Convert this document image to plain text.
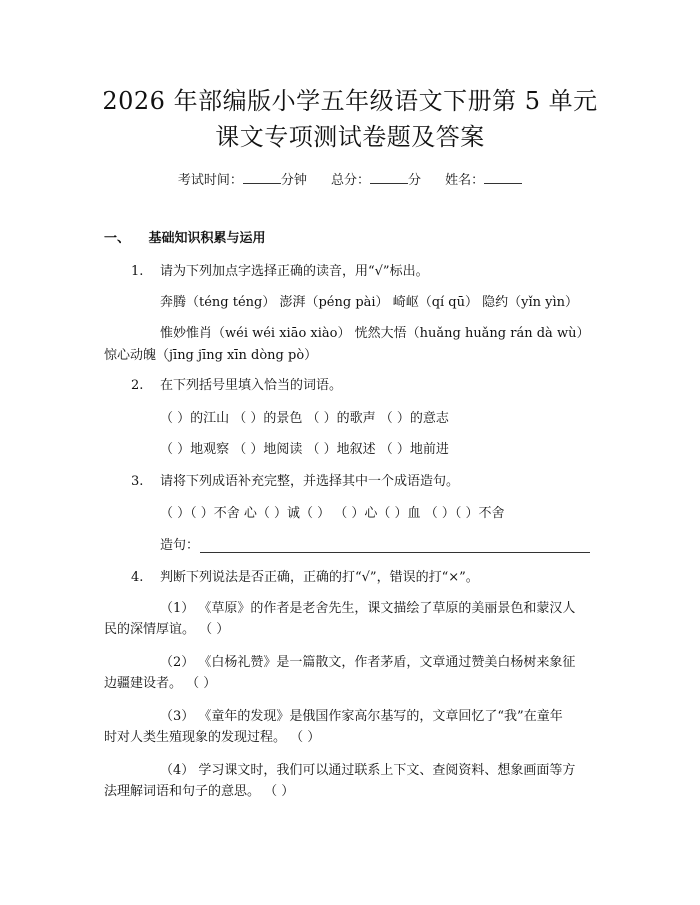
2026 年部编版小学五年级语文下册第 5 单元
课文专项测试卷题及答案
考试时间：	分钟 总分：	分 姓名：
一、 基础知识积累与运用
1. 请为下列加点字选择正确的读音，用“√”标出。
奔腾（téng téng） 澎湃（péng pài） 崎岖（qí qū） 隐约（yǐn yìn）
惟妙惟肖（wéi wéi xiāo xiào） 恍然大悟（huǎng huǎng rán dà wù）
惊心动魄（jīng jīng xīn dòng pò）
2. 在下列括号里填入恰当的词语。
（ ）的江山 （ ）的景色 （ ）的歌声 （ ）的意志
（ ）地观察 （ ）地阅读 （ ）地叙述 （ ）地前进
3. 请将下列成语补充完整，并选择其中一个成语造句。
（ ）（ ）不舍 心（ ）诚（ ） （ ）心（ ）血 （ ）（ ）不舍
造句：
4. 判断下列说法是否正确，正确的打“√”，错误的打“×”。
（1） 《草原》的作者是老舍先生，课文描绘了草原的美丽景色和蒙汉人
民的深情厚谊。 （ ）
（2） 《白杨礼赞》是一篇散文，作者茅盾，文章通过赞美白杨树来象征
边疆建设者。 （ ）
（3） 《童年的发现》是俄国作家高尔基写的，文章回忆了“我”在童年
时对人类生殖现象的发现过程。 （ ）
（4） 学习课文时，我们可以通过联系上下文、查阅资料、想象画面等方
法理解词语和句子的意思。 （ ）
